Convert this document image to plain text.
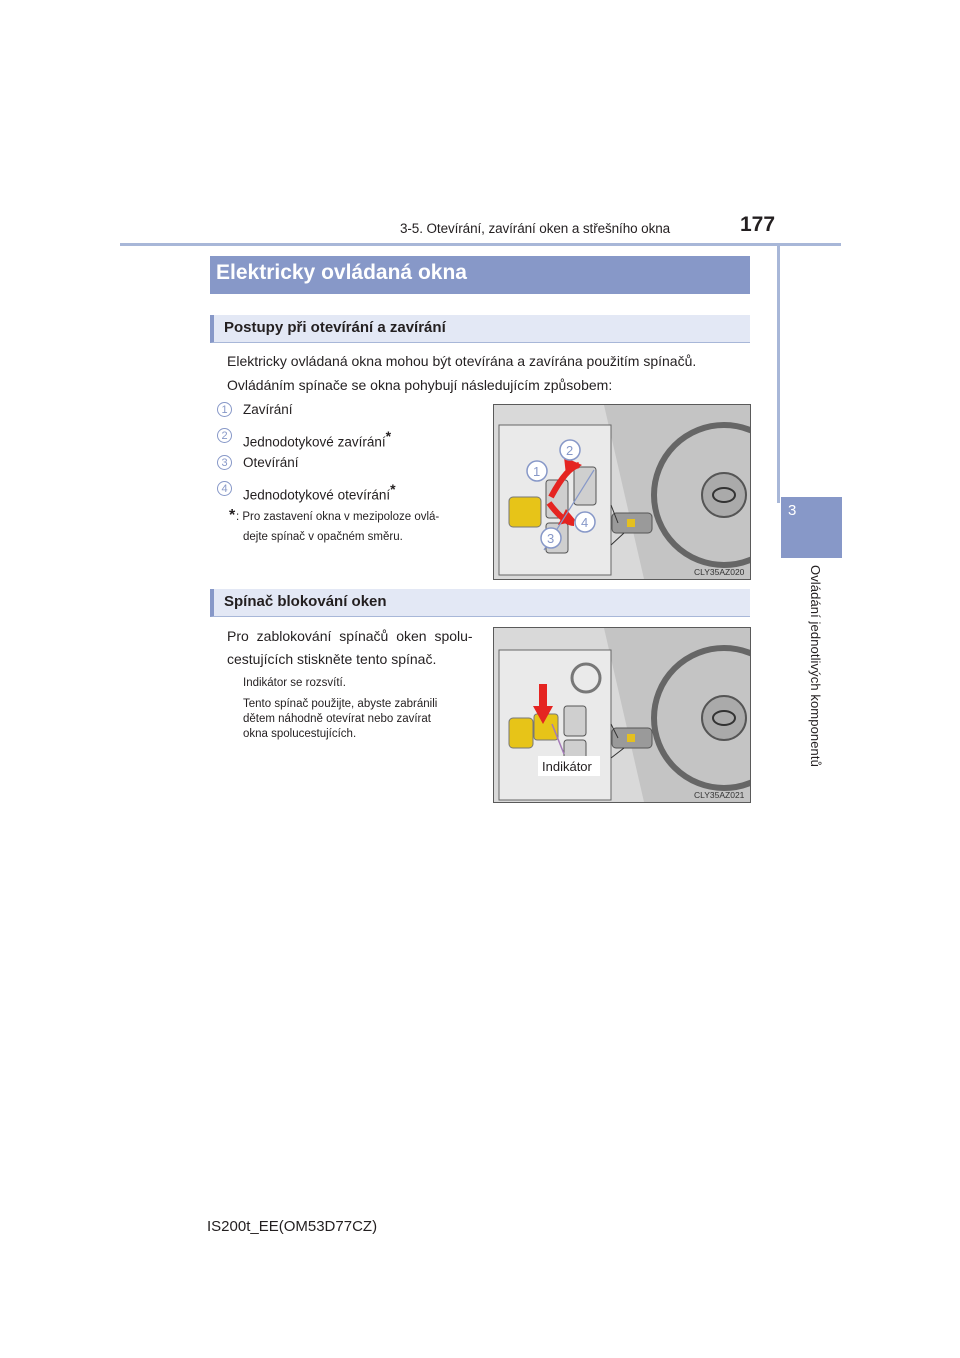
3-5. Otevírání, zavírání oken a střešního okna	177
3
Ovládání jednotlivých komponentů
Elektricky ovládaná okna
Postupy při otevírání a zavírání
Elektricky ovládaná okna mohou být otevírána a zavírána použitím spínačů.
Ovládáním spínače se okna pohybují následujícím způsobem:
1	Zavírání
2	Jednodotykové zavírání*
3	Otevírání
4	Jednodotykové otevírání*
* : Pro zastavení okna v mezipoloze ovlá-
dejte spínač v opačném směru.
1
2
3
4
CLY35AZ020
Spínač blokování oken
Pro zablokování spínačů oken spolu-
cestujících stiskněte tento spínač.
Indikátor se rozsvítí.
Tento spínač použijte, abyste zabránili
dětem náhodně otevírat nebo zavírat
okna spolucestujících.
Indikátor
CLY35AZ021
IS200t_EE(OM53D77CZ)
